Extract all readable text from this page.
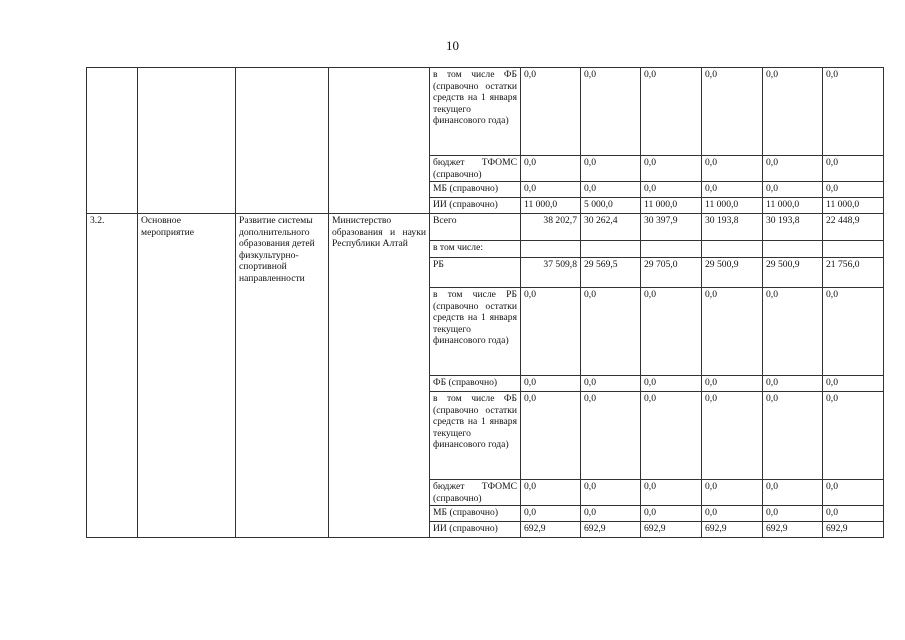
10
				в том числе ФБ (справочно остатки средств на 1 января текущего финансового года)	0,0	0,0	0,0	0,0	0,0	0,0
				бюджет ТФОМС (справочно)	0,0	0,0	0,0	0,0	0,0	0,0
				МБ (справочно)	0,0	0,0	0,0	0,0	0,0	0,0
				ИИ (справочно)	11 000,0	5 000,0	11 000,0	11 000,0	11 000,0	11 000,0
3.2.	Основное мероприятие	Развитие системы дополнительного образования детей физкультурно-спортивной направленности	Министерство образования и науки Республики Алтай	Всего	38 202,7	30 262,4	30 397,9	30 193,8	30 193,8	22 448,9
				в том числе:						
				РБ	37 509,8	29 569,5	29 705,0	29 500,9	29 500,9	21 756,0
				в том числе РБ (справочно остатки средств на 1 января текущего финансового года)	0,0	0,0	0,0	0,0	0,0	0,0
				ФБ (справочно)	0,0	0,0	0,0	0,0	0,0	0,0
				в том числе ФБ (справочно остатки средств на 1 января текущего финансового года)	0,0	0,0	0,0	0,0	0,0	0,0
				бюджет ТФОМС (справочно)	0,0	0,0	0,0	0,0	0,0	0,0
				МБ (справочно)	0,0	0,0	0,0	0,0	0,0	0,0
				ИИ (справочно)	692,9	692,9	692,9	692,9	692,9	692,9
